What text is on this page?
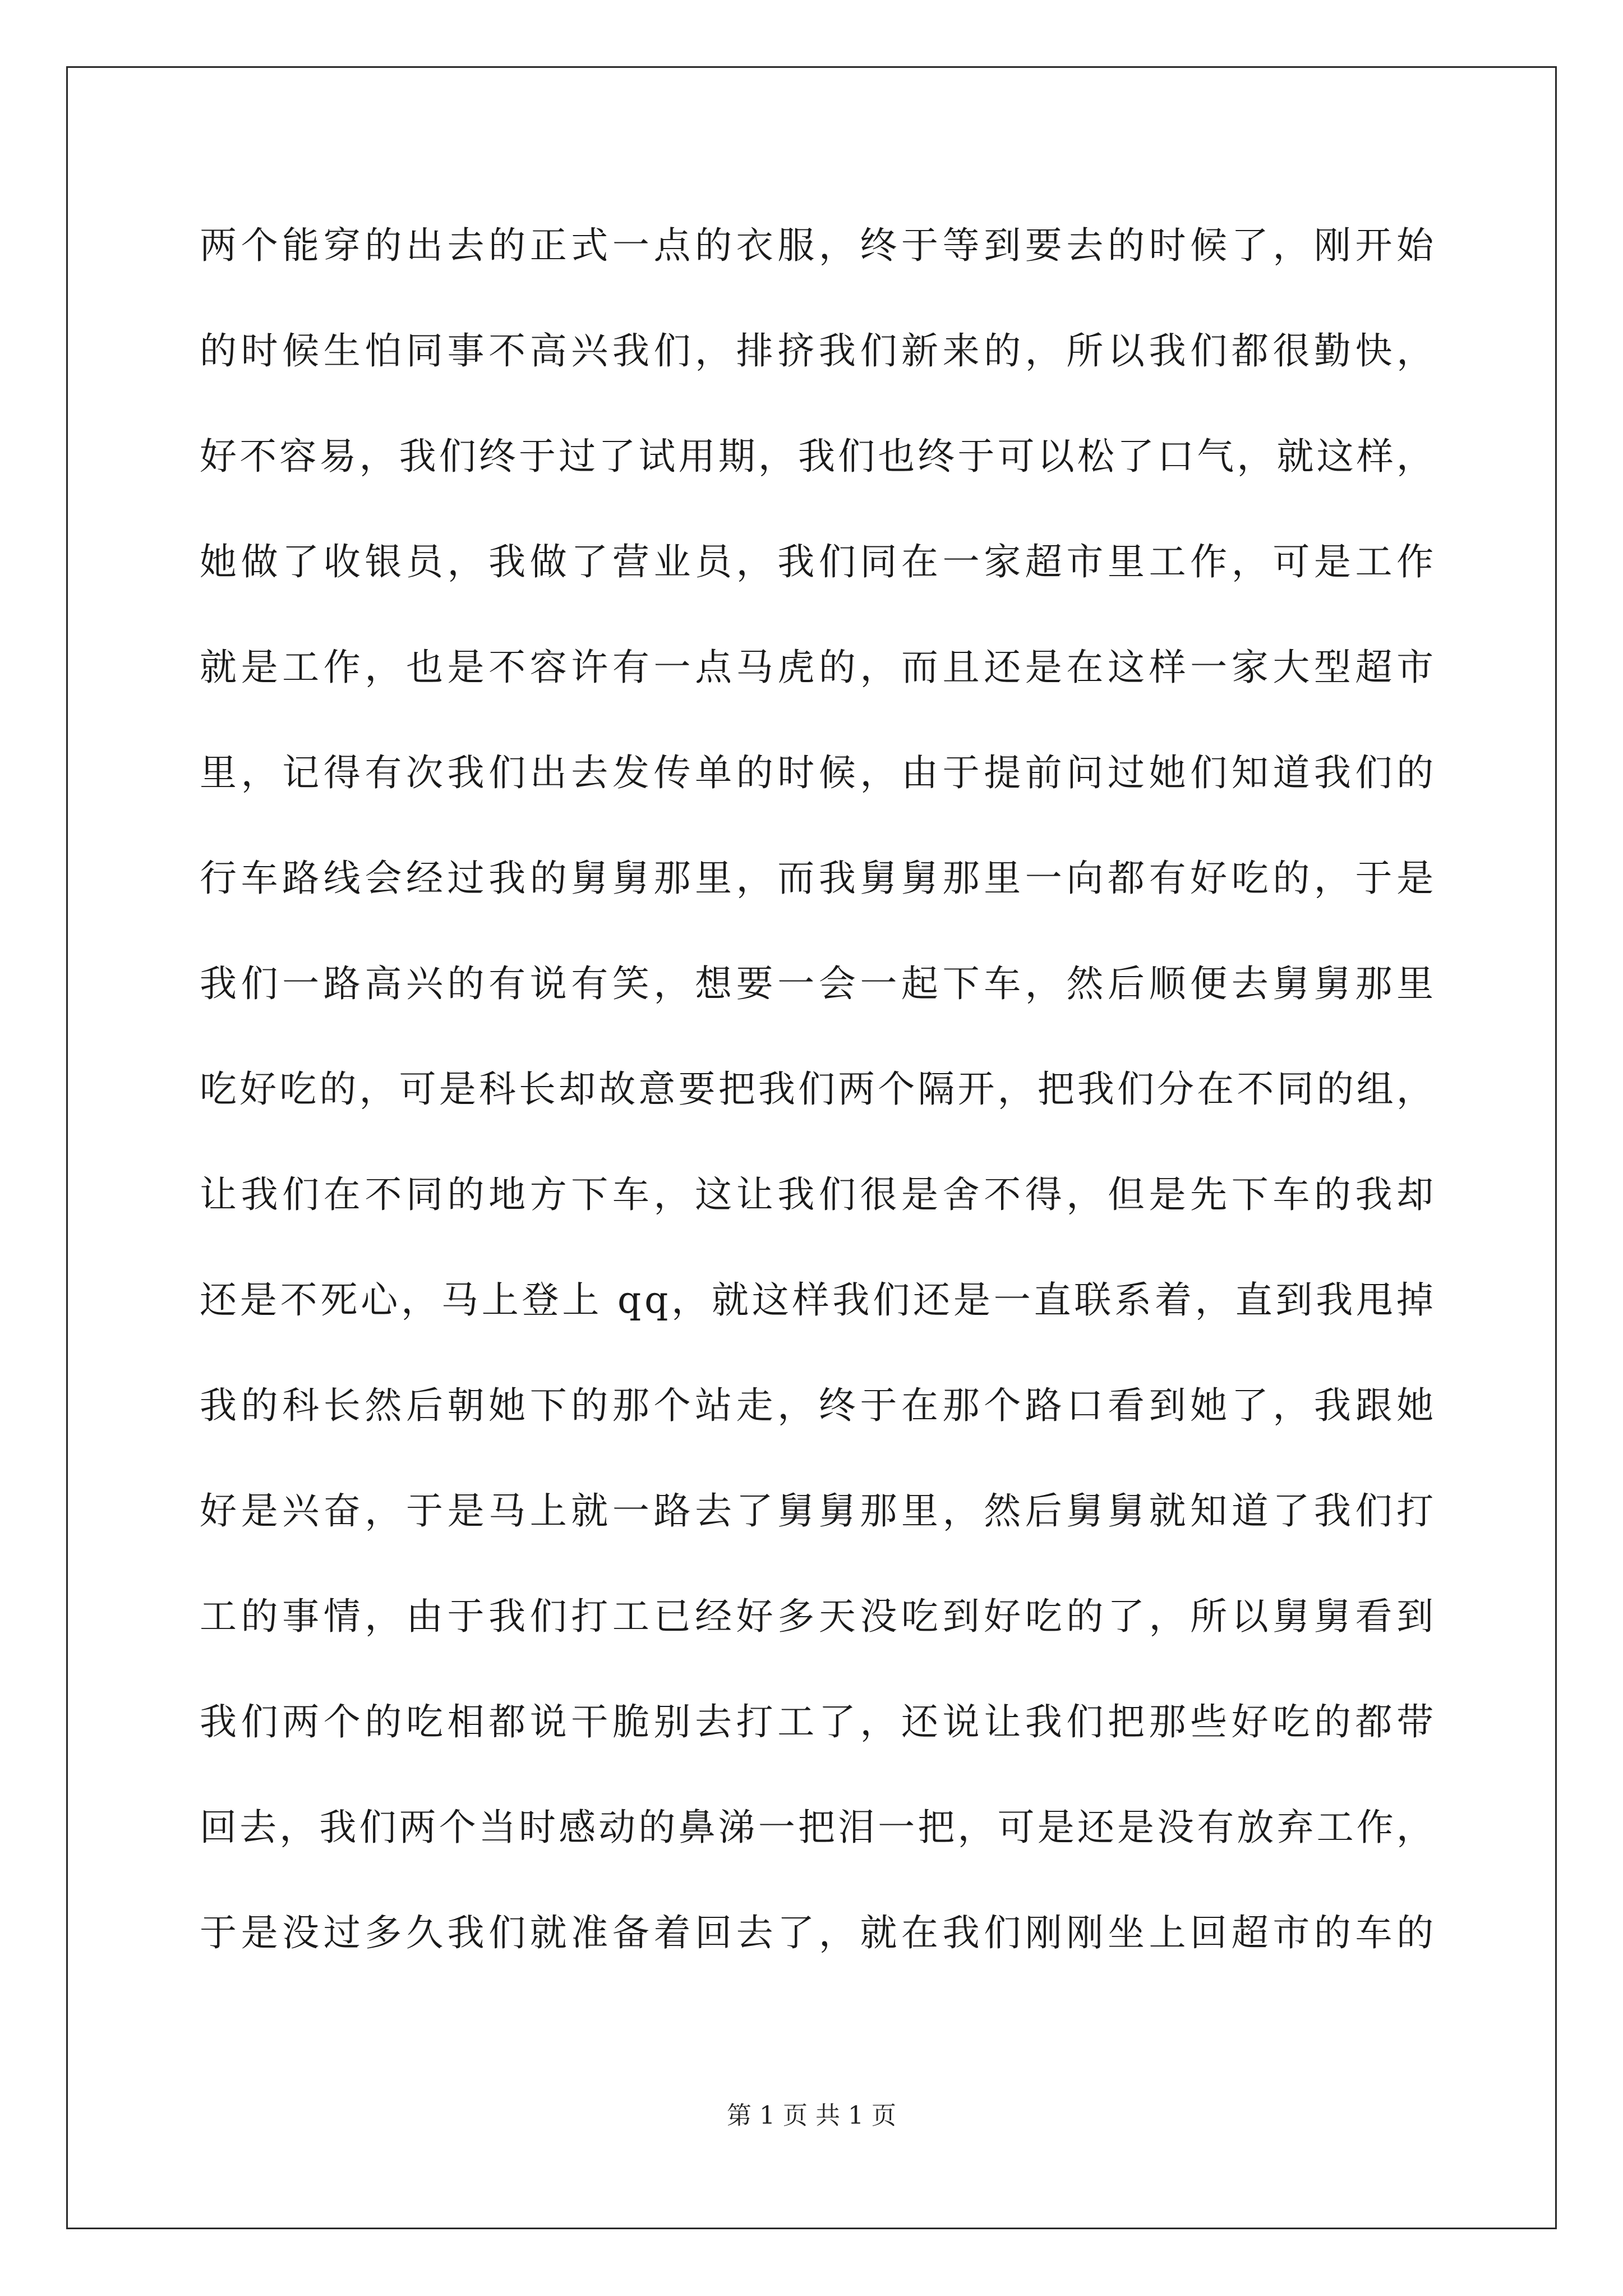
两个能穿的出去的正式一点的衣服，终于等到要去的时候了，刚开始
的时候生怕同事不高兴我们，排挤我们新来的，所以我们都很勤快，
好不容易，我们终于过了试用期，我们也终于可以松了口气，就这样，
她做了收银员，我做了营业员，我们同在一家超市里工作，可是工作
就是工作，也是不容许有一点马虎的，而且还是在这样一家大型超市
里，记得有次我们出去发传单的时候，由于提前问过她们知道我们的
行车路线会经过我的舅舅那里，而我舅舅那里一向都有好吃的，于是
我们一路高兴的有说有笑，想要一会一起下车，然后顺便去舅舅那里
吃好吃的，可是科长却故意要把我们两个隔开，把我们分在不同的组，
让我们在不同的地方下车，这让我们很是舍不得，但是先下车的我却
还是不死心，马上登上 qq，就这样我们还是一直联系着，直到我甩掉
我的科长然后朝她下的那个站走，终于在那个路口看到她了，我跟她
好是兴奋，于是马上就一路去了舅舅那里，然后舅舅就知道了我们打
工的事情，由于我们打工已经好多天没吃到好吃的了，所以舅舅看到
我们两个的吃相都说干脆别去打工了，还说让我们把那些好吃的都带
回去，我们两个当时感动的鼻涕一把泪一把，可是还是没有放弃工作，
于是没过多久我们就准备着回去了，就在我们刚刚坐上回超市的车的
第 1 页 共 1 页
